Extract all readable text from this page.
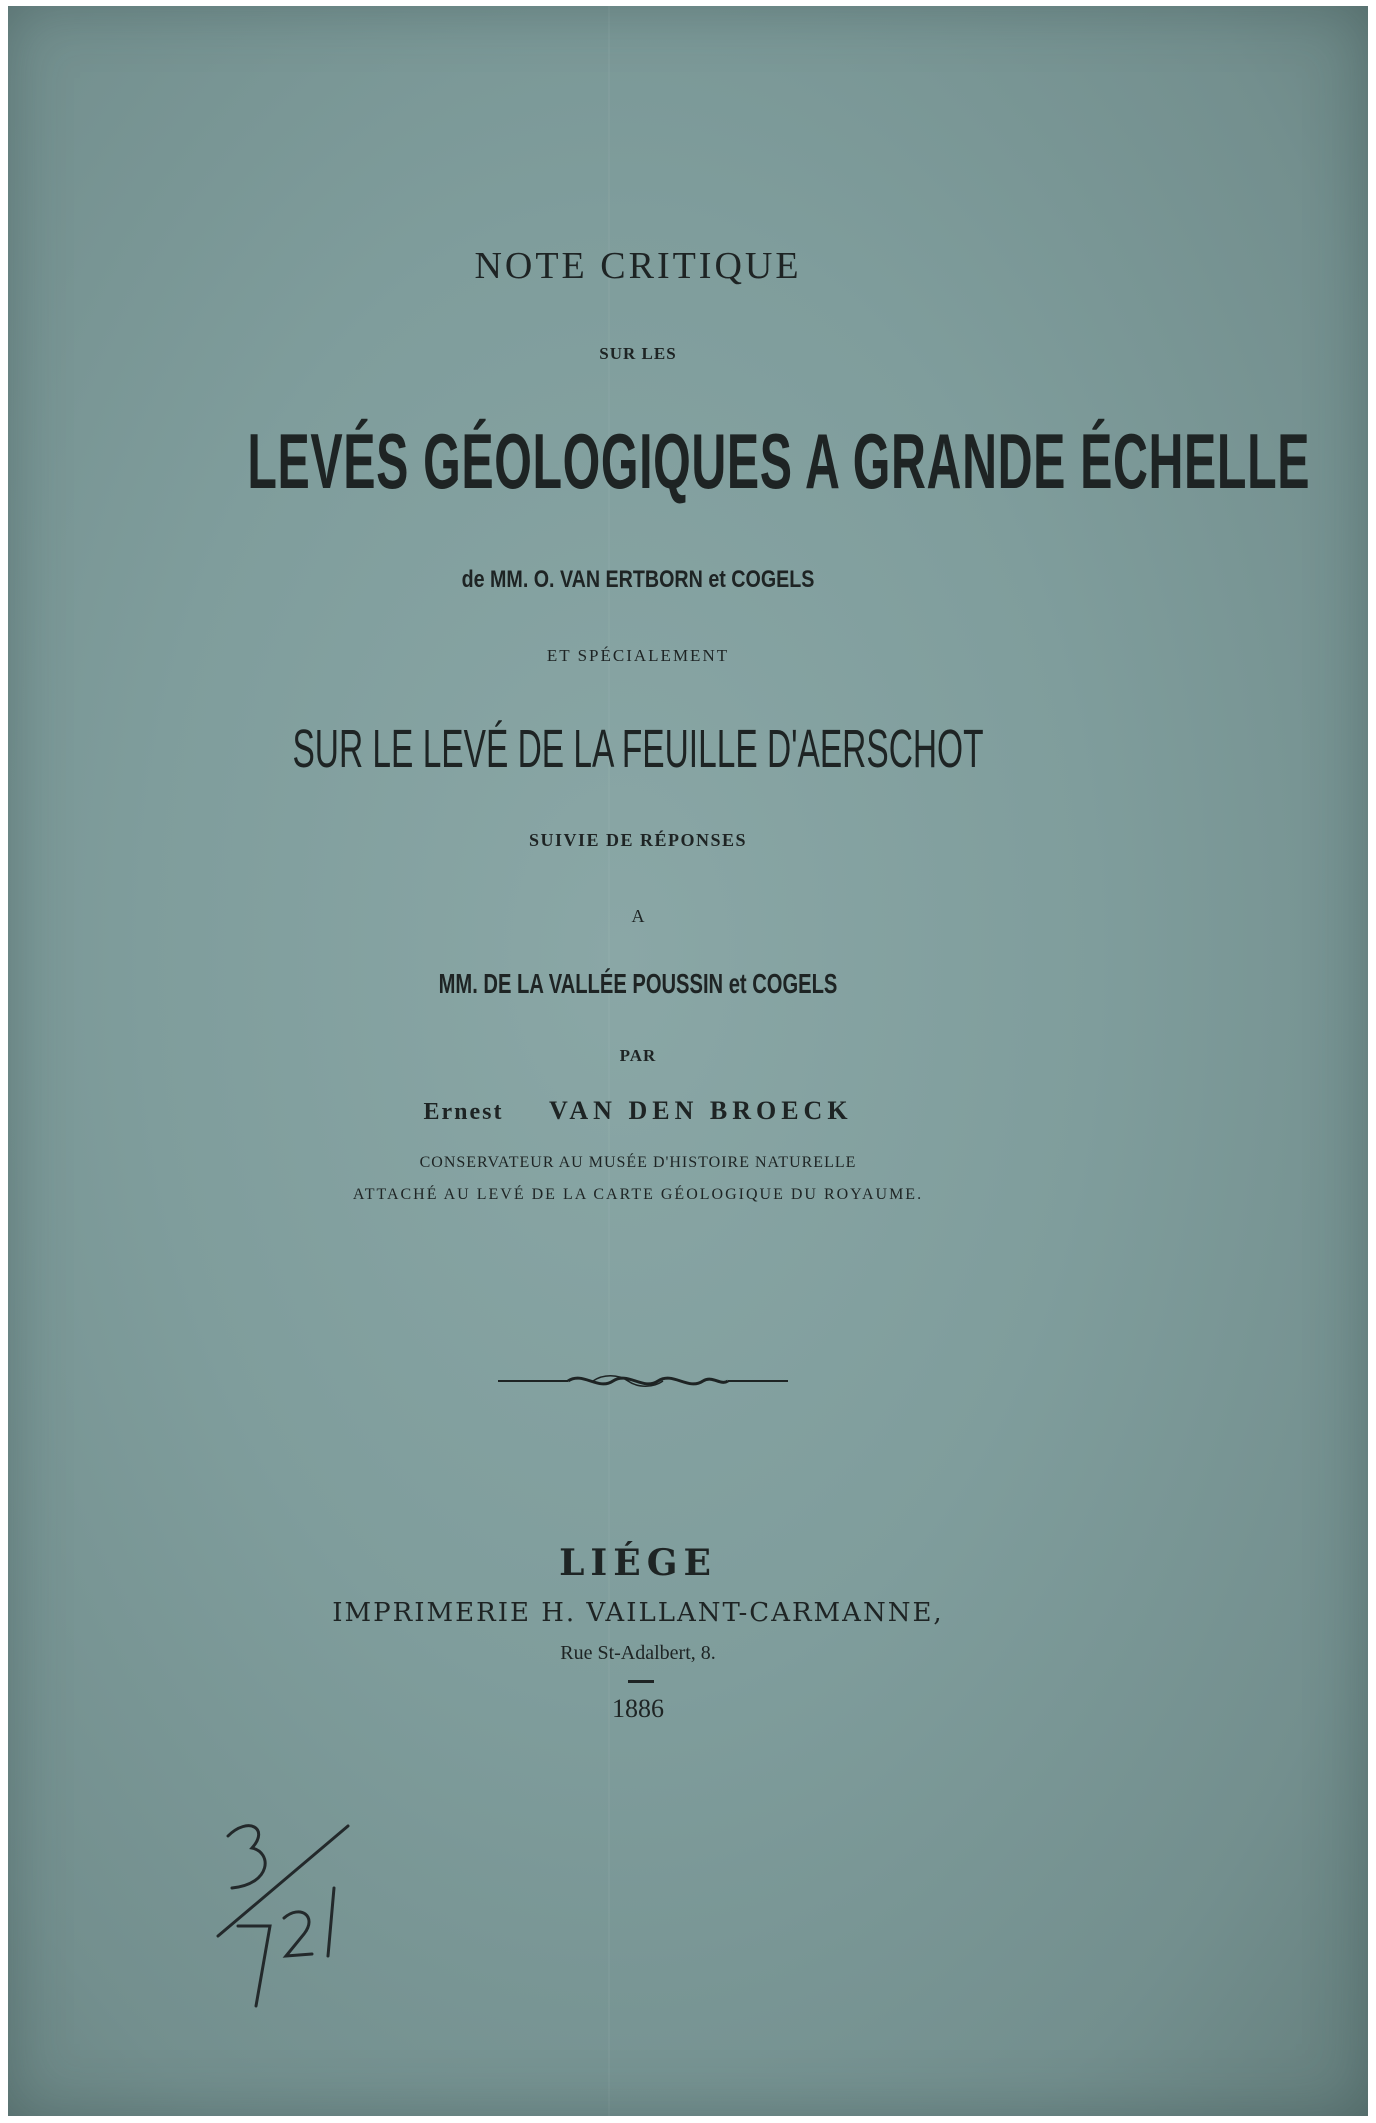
NOTE CRITIQUE
SUR LES
LEVÉS GÉOLOGIQUES A GRANDE ÉCHELLE
de MM. O. VAN ERTBORN et COGELS
ET SPÉCIALEMENT
SUR LE LEVÉ DE LA FEUILLE D'AERSCHOT
SUIVIE DE RÉPONSES
A
MM. DE LA VALLÉE POUSSIN et COGELS
PAR
Ernest VAN DEN BROECK
CONSERVATEUR AU MUSÉE D'HISTOIRE NATURELLE
ATTACHÉ AU LEVÉ DE LA CARTE GÉOLOGIQUE DU ROYAUME.
LIÉGE
IMPRIMERIE H. VAILLANT-CARMANNE,
Rue St-Adalbert, 8.
1886
